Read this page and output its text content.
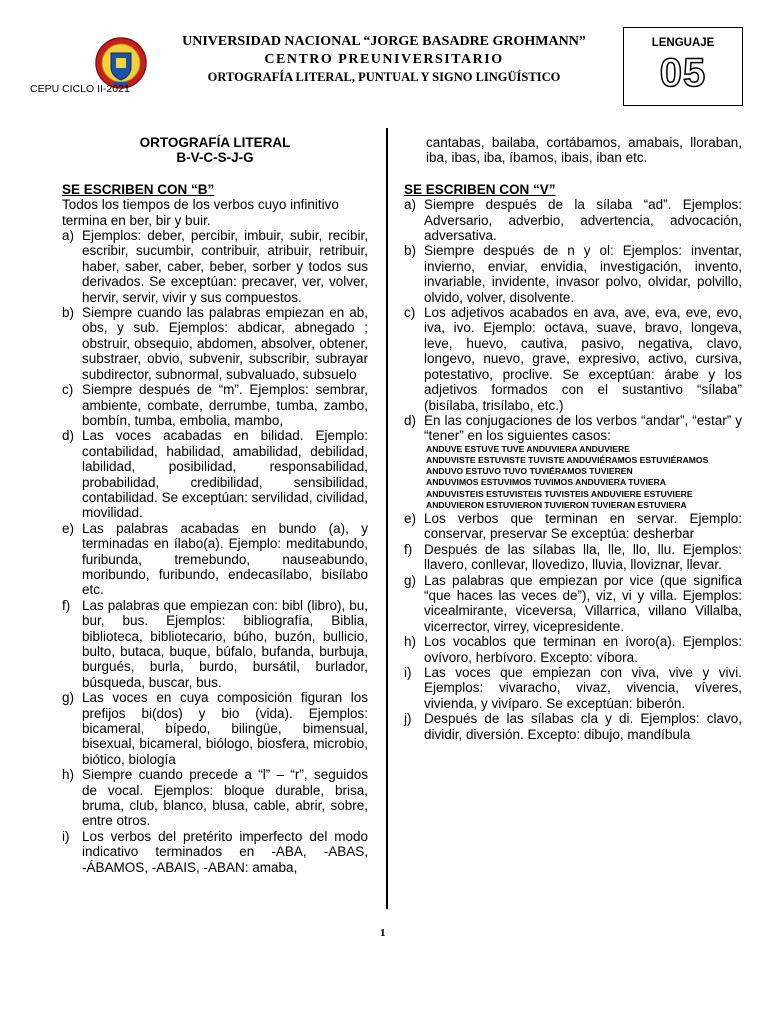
CEPU CICLO II-2021
UNIVERSIDAD NACIONAL “JORGE BASADRE GROHMANN”
CENTRO PREUNIVERSITARIO
ORTOGRAFÍA LITERAL, PUNTUAL Y SIGNO LINGÜÍSTICO
LENGUAJE
05
ORTOGRAFÍA LITERAL
B-V-C-S-J-G
SE ESCRIBEN CON “B”
Todos los tiempos de los verbos cuyo infinitivo termina en ber, bir y buir.
a) Ejemplos: deber, percibir, imbuir, subir, recibir, escribir, sucumbir, contribuir, atribuir, retribuir, haber, saber, caber, beber, sorber y todos sus derivados. Se exceptúan: precaver, ver, volver, hervir, servir, vivir y sus compuestos.
b) Siempre cuando las palabras empiezan en ab, obs, y sub. Ejemplos: abdicar, abnegado ; obstruir, obsequio, abdomen, absolver, obtener, substraer, obvio, subvenir, subscribir, subrayar subdirector, subnormal, subvaluado, subsuelo
c) Siempre después de “m”. Ejemplos: sembrar, ambiente, combate, derrumbe, tumba, zambo, bombín, tumba, embolia, mambo,
d) Las voces acabadas en bilidad. Ejemplo: contabilidad, habilidad, amabilidad, debilidad, labilidad, posibilidad, responsabilidad, probabilidad, credibilidad, sensibilidad, contabilidad. Se exceptúan: servilidad, civilidad, movilidad.
e) Las palabras acabadas en bundo (a), y terminadas en ílabo(a). Ejemplo: meditabundo, furibunda, tremebundo, nauseabundo, moribundo, furibundo, endecasílabo, bisílabo etc.
f) Las palabras que empiezan con: bibl (libro), bu, bur, bus. Ejemplos: bibliografía, Biblia, biblioteca, bibliotecario, búho, buzón, bullicio, bulto, butaca, buque, búfalo, bufanda, burbuja, burgués, burla, burdo, bursátil, burlador, búsqueda, buscar, bus.
g) Las voces en cuya composición figuran los prefijos bi(dos) y bio (vida). Ejemplos: bicameral, bípedo, bilingüe, bimensual, bisexual, bicameral, biólogo, biosfera, microbio, biótico, biología
h) Siempre cuando precede a “l” – “r”, seguidos de vocal. Ejemplos: bloque durable, brisa, bruma, club, blanco, blusa, cable, abrir, sobre, entre otros.
i) Los verbos del pretérito imperfecto del modo indicativo terminados en -ABA, -ABAS, -ÁBAMOS, -ABAIS, -ABAN: amaba,
cantabas, bailaba, cortábamos, amabais, lloraban, iba, ibas, iba, íbamos, ibais, iban etc.
SE ESCRIBEN CON “V”
a) Siempre después de la sílaba “ad”. Ejemplos: Adversario, adverbio, advertencia, advocación, adversativa.
b) Siempre después de n y ol: Ejemplos: inventar, invierno, enviar, envidia, investigación, invento, invariable, invidente, invasor polvo, olvidar, polvillo, olvido, volver, disolvente.
c) Los adjetivos acabados en ava, ave, eva, eve, evo, iva, ivo. Ejemplo: octava, suave, bravo, longeva, leve, huevo, cautiva, pasivo, negativa, clavo, longevo, nuevo, grave, expresivo, activo, cursiva, potestativo, proclive. Se exceptúan: árabe y los adjetivos formados con el sustantivo “sílaba” (bisílaba, trisílabo, etc.)
d) En las conjugaciones de los verbos “andar”, “estar” y “tener” en los siguientes casos:
ANDUVE ESTUVE TUVE ANDUVIERA ANDUVIERE
ANDUVISTE ESTUVISTE TUVISTE ANDUVIÉRAMOS ESTUVIÉRAMOS
ANDUVO ESTUVO TUVO TUVIÉRAMOS TUVIEREN
ANDUVIMOS ESTUVIMOS TUVIMOS ANDUVIERA TUVIERA
ANDUVISTEIS ESTUVISTEIS TUVISTEIS ANDUVIERE ESTUVIERE
ANDUVIERON ESTUVIERON TUVIERON TUVIERAN ESTUVIERA
e) Los verbos que terminan en servar. Ejemplo: conservar, preservar Se exceptúa: desherbar
f) Después de las sílabas lla, lle, llo, llu. Ejemplos: llavero, conllevar, llovedizo, lluvia, lloviznar, llevar.
g) Las palabras que empiezan por vice (que significa “que haces las veces de”), viz, vi y villa. Ejemplos: vicealmirante, viceversa, Villarrica, villano Villalba, vicerrector, virrey, vicepresidente.
h) Los vocablos que terminan en ívoro(a). Ejemplos: ovívoro, herbívoro. Excepto: víbora.
i) Las voces que empiezan con viva, vive y vivi. Ejemplos: vivaracho, vivaz, vivencia, víveres, vivienda, y vivíparo. Se exceptúan: biberón.
j) Después de las sílabas cla y di. Ejemplos: clavo, dividir, diversión. Excepto: dibujo, mandíbula
1
